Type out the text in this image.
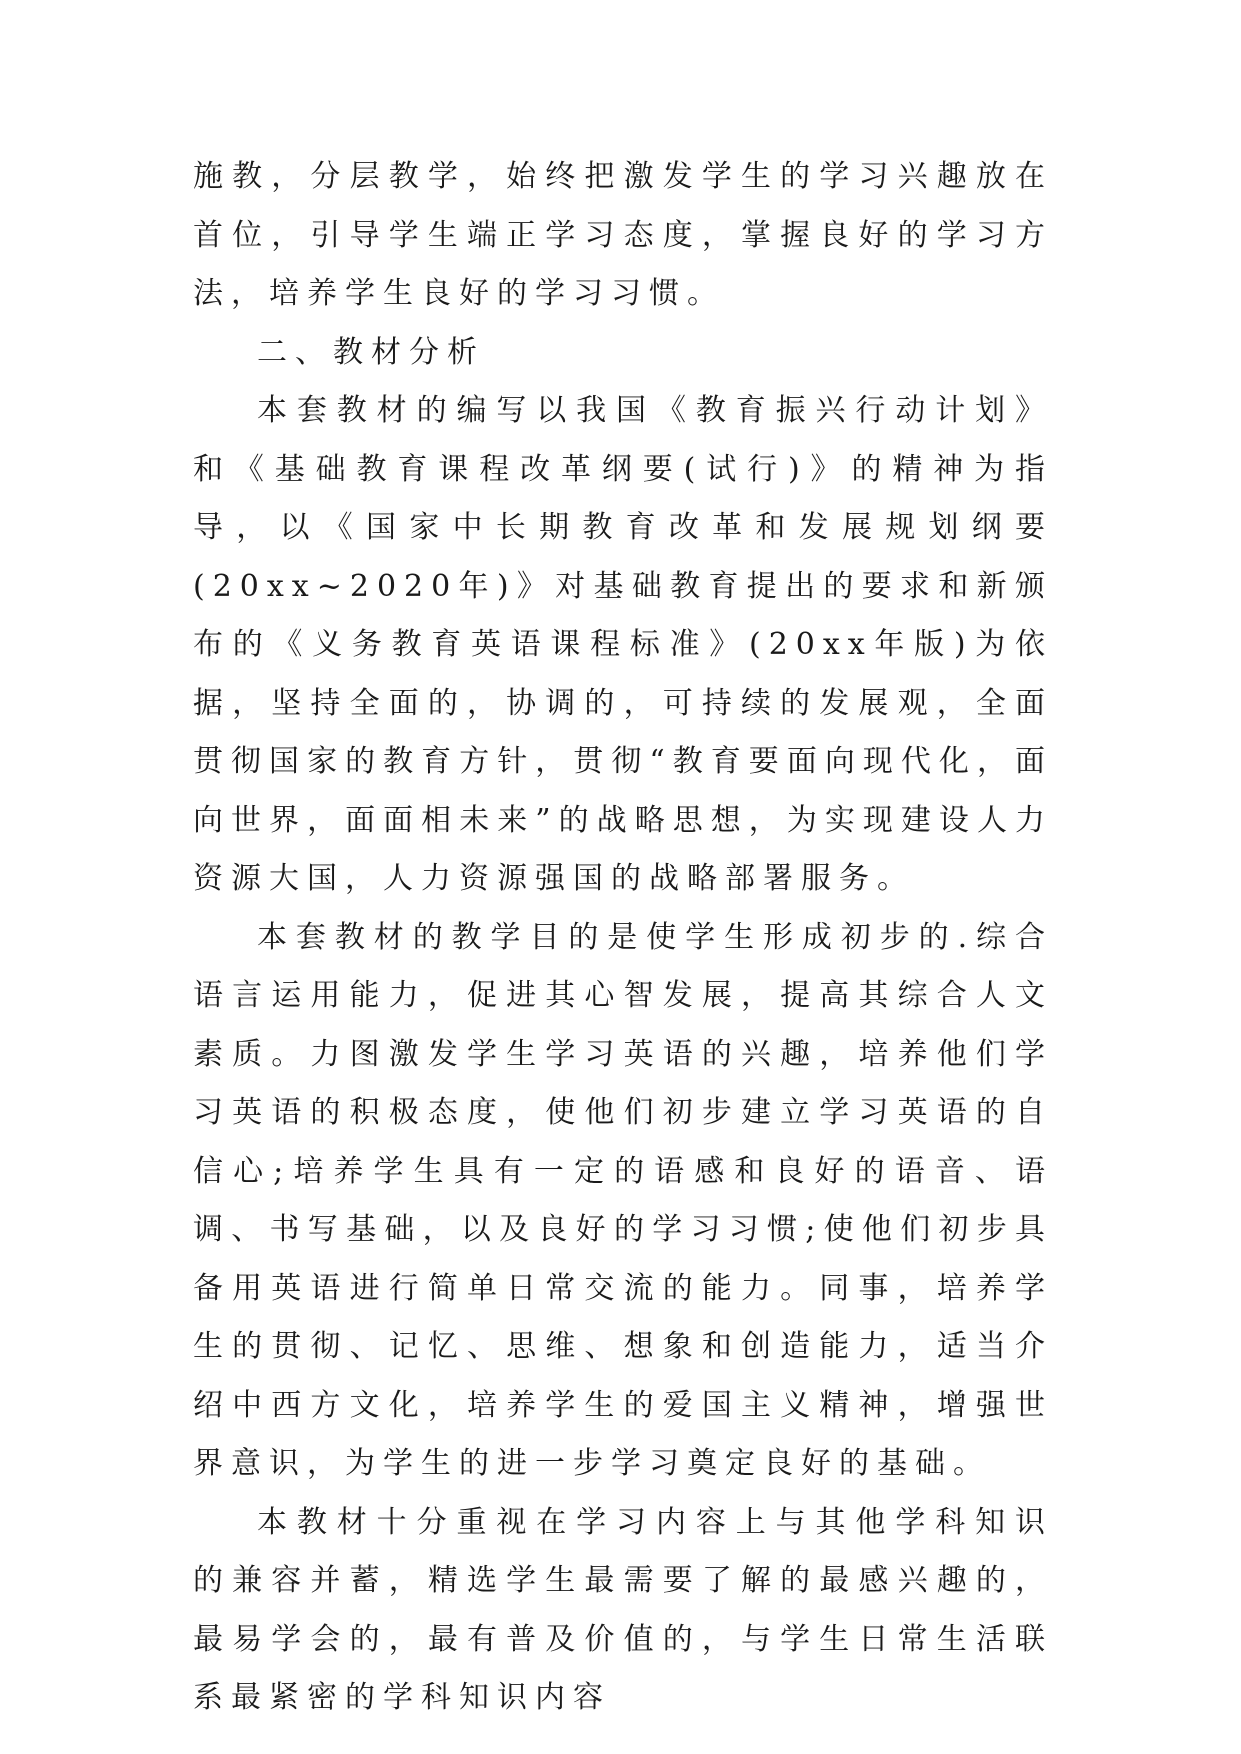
施教，分层教学，始终把激发学生的学习兴趣放在首位，引导学生端正学习态度，掌握良好的学习方法，培养学生良好的学习习惯。

二、教材分析

本套教材的编写以我国《教育振兴行动计划》和《基础教育课程改革纲要(试行)》的精神为指导，以《国家中长期教育改革和发展规划纲要(20xx~2020年)》对基础教育提出的要求和新颁布的《义务教育英语课程标准》(20xx年版)为依据，坚持全面的，协调的，可持续的发展观，全面贯彻国家的教育方针，贯彻“教育要面向现代化，面向世界，面面相未来”的战略思想，为实现建设人力资源大国，人力资源强国的战略部署服务。

本套教材的教学目的是使学生形成初步的.综合语言运用能力，促进其心智发展，提高其综合人文素质。力图激发学生学习英语的兴趣，培养他们学习英语的积极态度，使他们初步建立学习英语的自信心;培养学生具有一定的语感和良好的语音、语调、书写基础，以及良好的学习习惯;使他们初步具备用英语进行简单日常交流的能力。同事，培养学生的贯彻、记忆、思维、想象和创造能力，适当介绍中西方文化，培养学生的爱国主义精神，增强世界意识，为学生的进一步学习奠定良好的基础。

本教材十分重视在学习内容上与其他学科知识的兼容并蓄，精选学生最需要了解的最感兴趣的，最易学会的，最有普及价值的，与学生日常生活联系最紧密的学科知识内容
